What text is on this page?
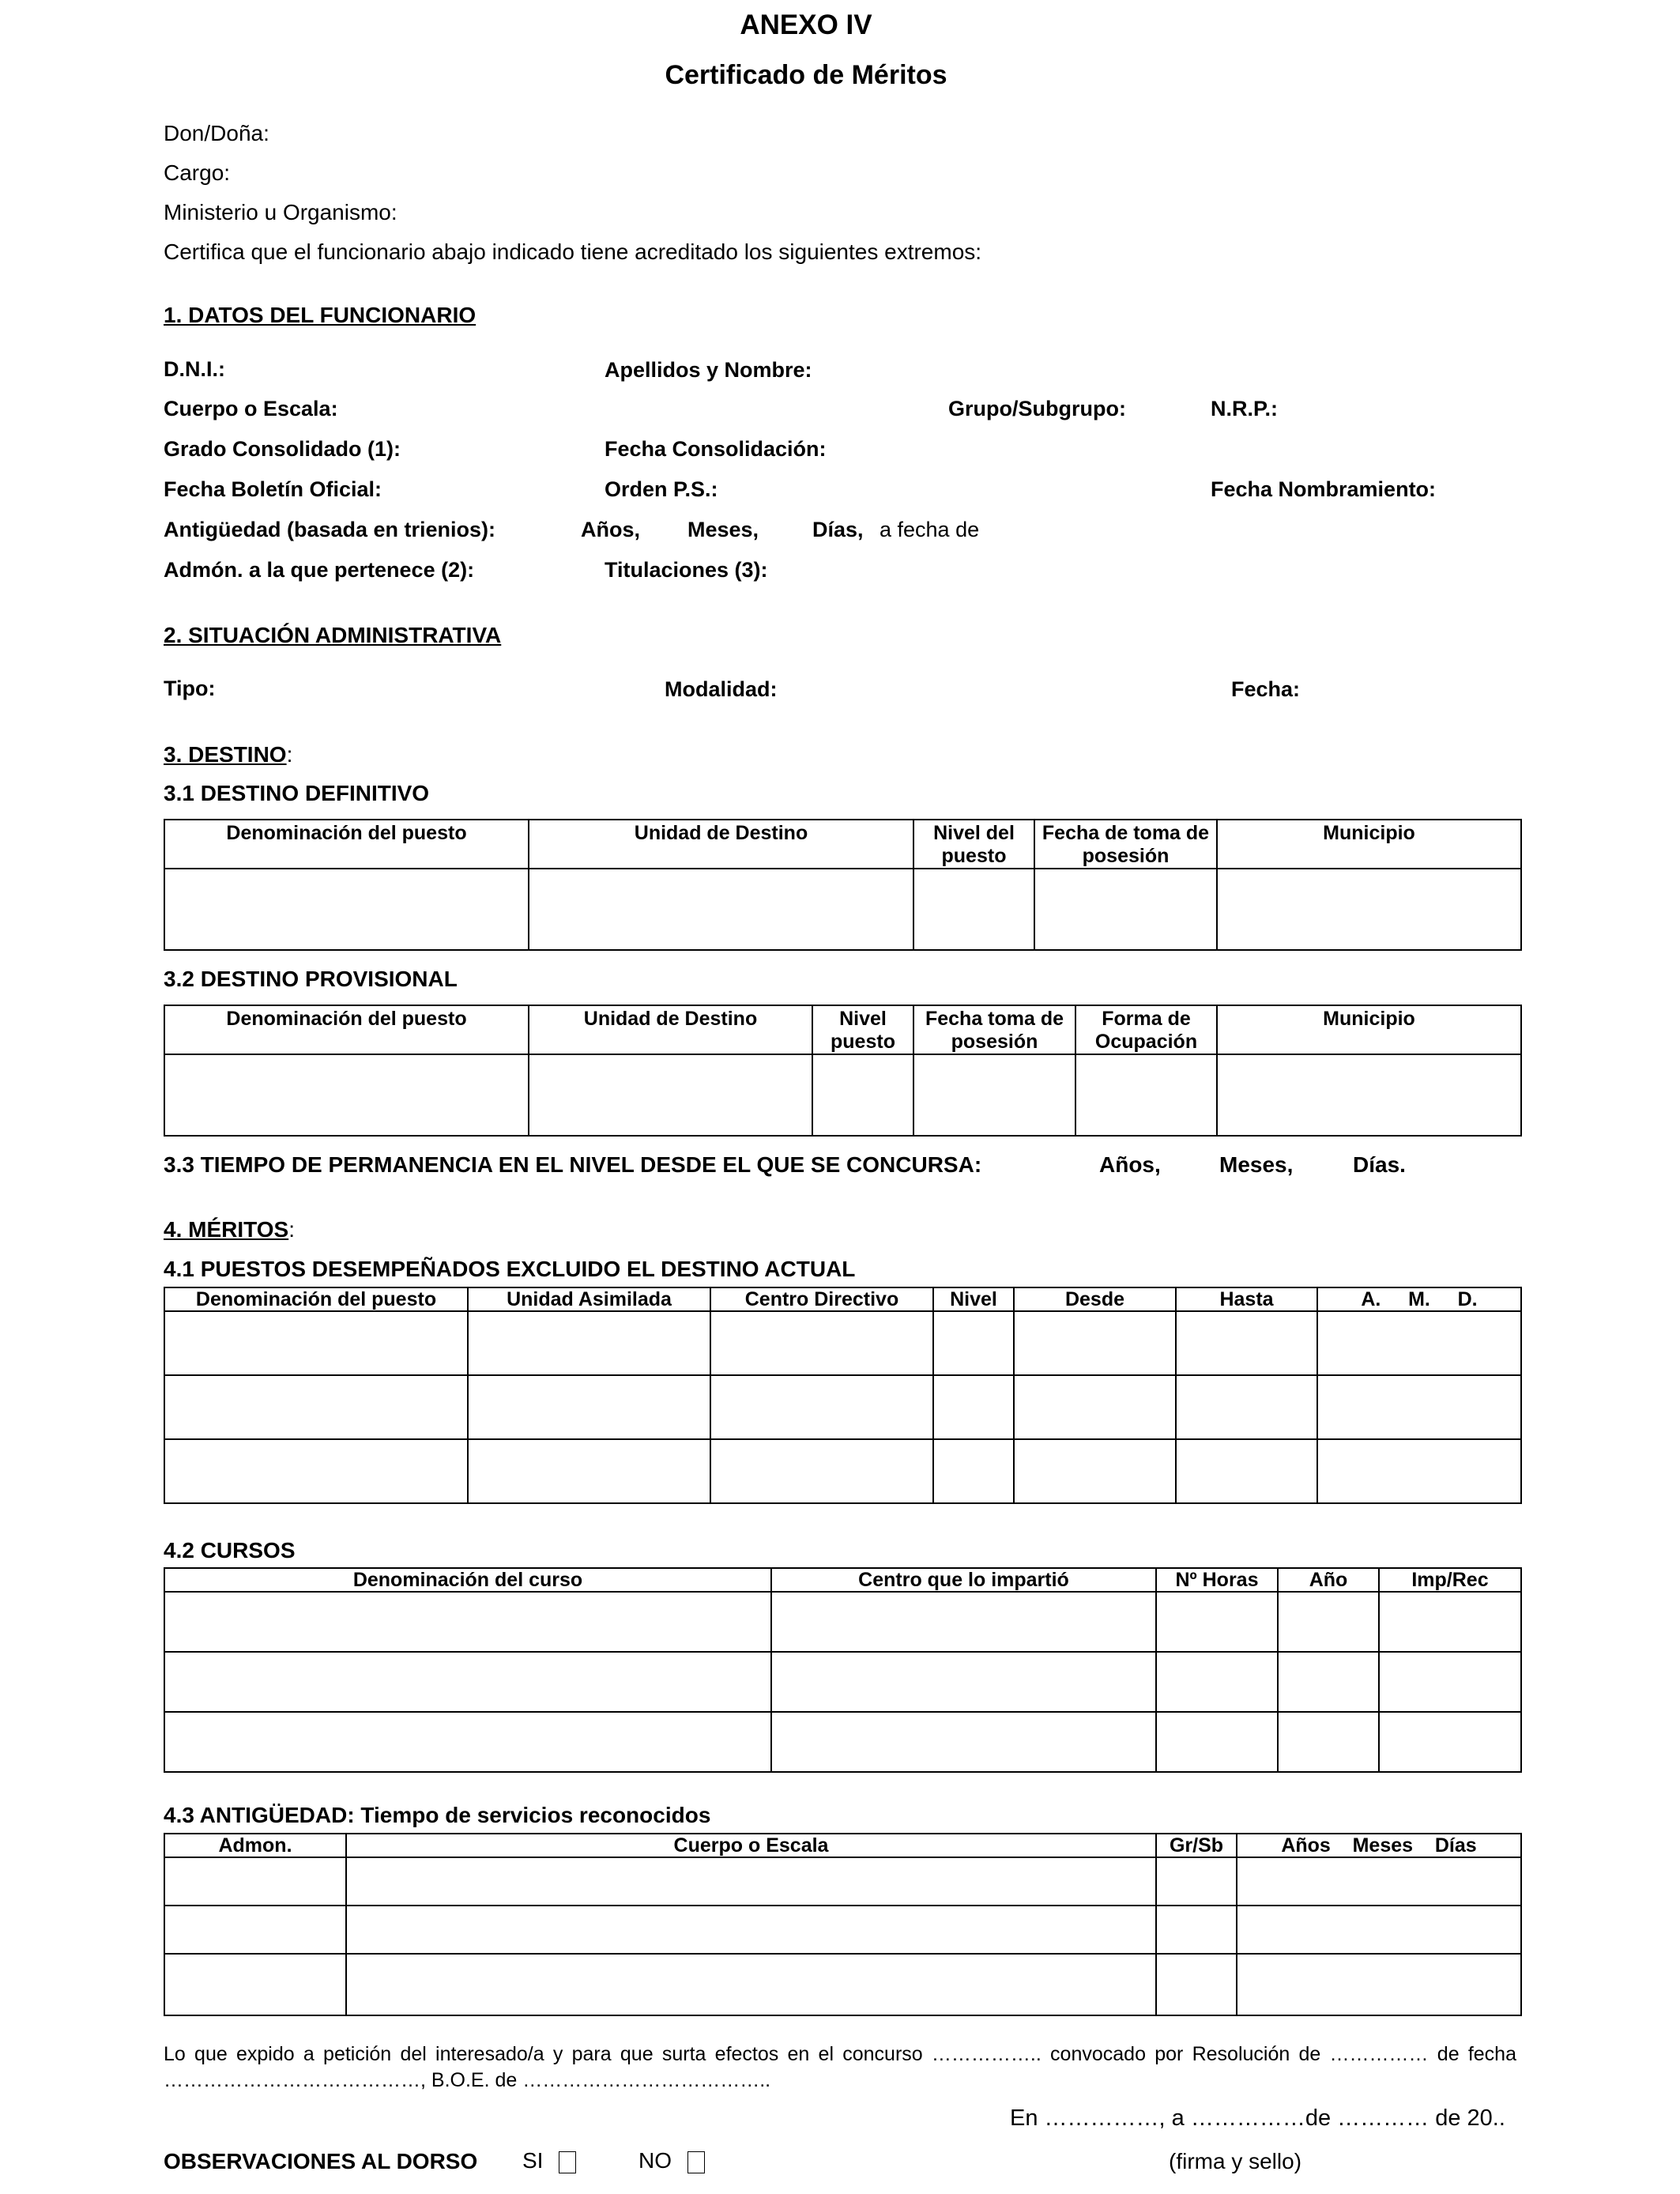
ANEXO IV
Certificado de Méritos
Don/Doña:
Cargo:
Ministerio u Organismo:
Certifica que el funcionario abajo indicado tiene acreditado los siguientes extremos:
1. DATOS DEL FUNCIONARIO
D.N.I.:	Apellidos y Nombre:
Cuerpo o Escala:	Grupo/Subgrupo:	N.R.P.:
Grado Consolidado (1):	Fecha Consolidación:
Fecha Boletín Oficial:	Orden P.S.:	Fecha Nombramiento:
Antigüedad (basada en trienios):	Años, Meses,	Días, a fecha de
Admón. a la que pertenece (2):	Titulaciones (3):
2. SITUACIÓN ADMINISTRATIVA
Tipo:	Modalidad:	Fecha:
3. DESTINO:
3.1 DESTINO DEFINITIVO
Denominación del puesto	Unidad de Destino	Nivel del puesto	Fecha de toma de posesión	Municipio

3.2 DESTINO PROVISIONAL
Denominación del puesto	Unidad de Destino	Nivel puesto	Fecha toma de posesión	Forma de Ocupación	Municipio

3.3 TIEMPO DE PERMANENCIA EN EL NIVEL DESDE EL QUE SE CONCURSA:	Años,	Meses,	Días.
4. MÉRITOS:
4.1 PUESTOS DESEMPEÑADOS EXCLUIDO EL DESTINO ACTUAL
Denominación del puesto	Unidad Asimilada	Centro Directivo	Nivel	Desde	Hasta	A.     M.     D.

4.2 CURSOS
Denominación del curso	Centro que lo impartió	Nº Horas	Año	Imp/Rec

4.3 ANTIGÜEDAD: Tiempo de servicios reconocidos
Admon.	Cuerpo o Escala	Gr/Sb	Años    Meses    Días

Lo que expido a petición del interesado/a y para que surta efectos en el concurso …………….. convocado por Resolución de …………… de fecha
…………………………………, B.O.E. de ………………………………..
En ……………, a ……………de ………… de 20..
OBSERVACIONES AL DORSO SI	NO	(firma y sello)
